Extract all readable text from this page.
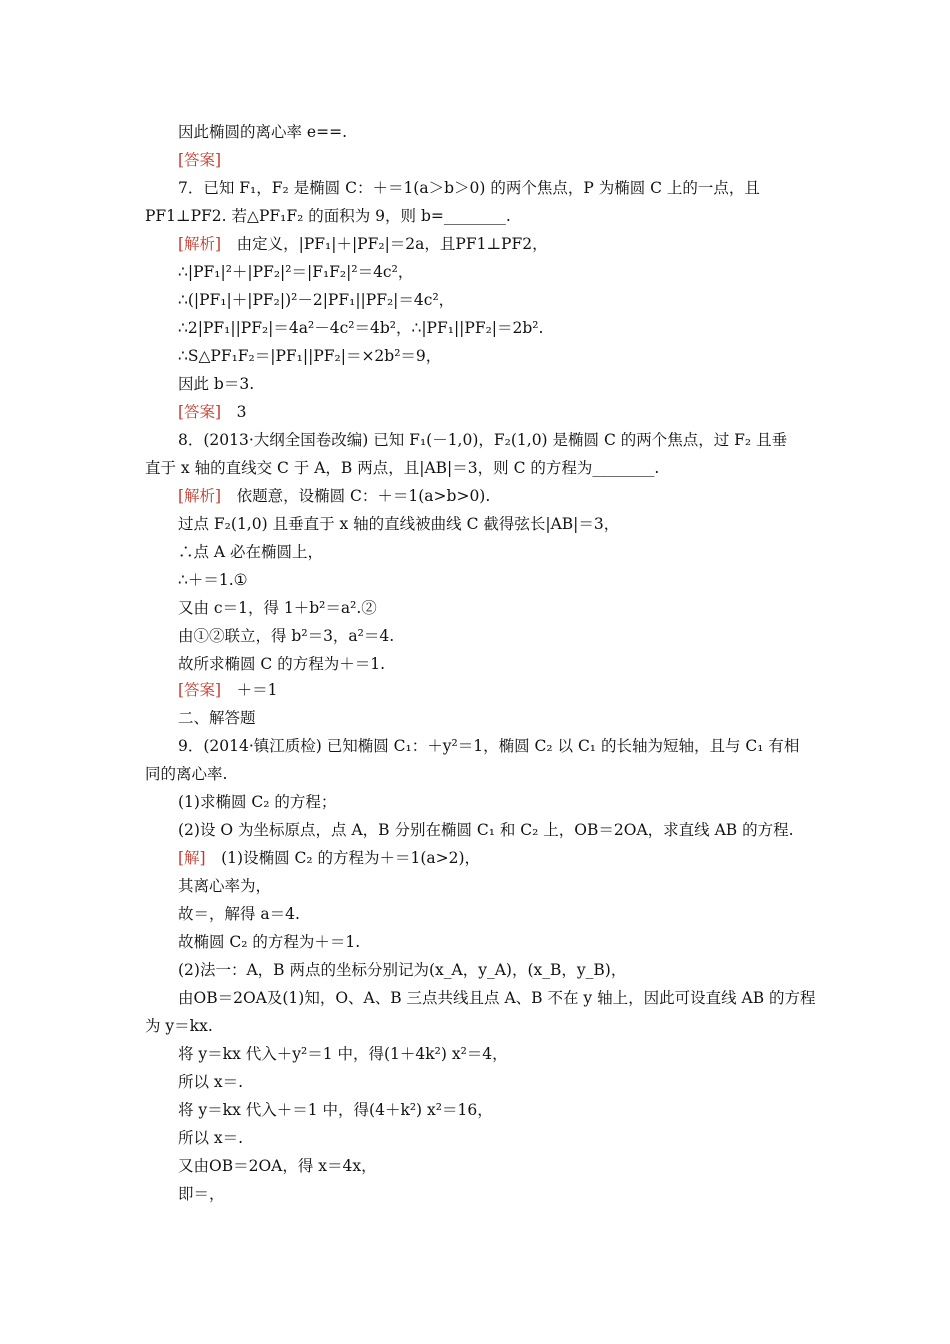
因此椭圆的离心率 e==.
[答案]
7．已知 F₁，F₂ 是椭圆 C：＋＝1(a＞b＞0) 的两个焦点，P 为椭圆 C 上的一点，且
PF1⊥PF2. 若△PF₁F₂ 的面积为 9，则 b=________.
[解析]　由定义，|PF₁|＋|PF₂|＝2a，且PF1⊥PF2，
∴|PF₁|²＋|PF₂|²＝|F₁F₂|²＝4c²，
∴(|PF₁|＋|PF₂|)²－2|PF₁||PF₂|＝4c²，
∴2|PF₁||PF₂|＝4a²－4c²＝4b²，∴|PF₁||PF₂|＝2b².
∴S△PF₁F₂＝|PF₁||PF₂|＝×2b²＝9，
因此 b＝3.
[答案]　3
8．(2013·大纲全国卷改编) 已知 F₁(－1,0)，F₂(1,0) 是椭圆 C 的两个焦点，过 F₂ 且垂
直于 x 轴的直线交 C 于 A，B 两点，且|AB|＝3，则 C 的方程为________.
[解析]　依题意，设椭圆 C：＋＝1(a>b>0).
过点 F₂(1,0) 且垂直于 x 轴的直线被曲线 C 截得弦长|AB|＝3，
∴点 A 必在椭圆上，
∴＋＝1.①
又由 c＝1，得 1＋b²＝a².②
由①②联立，得 b²＝3，a²＝4.
故所求椭圆 C 的方程为＋＝1.
[答案]　＋＝1
二、解答题
9．(2014·镇江质检) 已知椭圆 C₁：＋y²＝1，椭圆 C₂ 以 C₁ 的长轴为短轴，且与 C₁ 有相
同的离心率.
(1)求椭圆 C₂ 的方程；
(2)设 O 为坐标原点，点 A，B 分别在椭圆 C₁ 和 C₂ 上，OB＝2OA，求直线 AB 的方程.
[解]　(1)设椭圆 C₂ 的方程为＋＝1(a>2)，
其离心率为，
故＝，解得 a＝4.
故椭圆 C₂ 的方程为＋＝1.
(2)法一：A，B 两点的坐标分别记为(x_A，y_A)，(x_B，y_B)，
由OB＝2OA及(1)知，O、A、B 三点共线且点 A、B 不在 y 轴上，因此可设直线 AB 的方程
为 y＝kx.
将 y＝kx 代入＋y²＝1 中，得(1＋4k²) x²＝4，
所以 x＝.
将 y＝kx 代入＋＝1 中，得(4＋k²) x²＝16，
所以 x＝.
又由OB＝2OA，得 x＝4x，
即＝，
